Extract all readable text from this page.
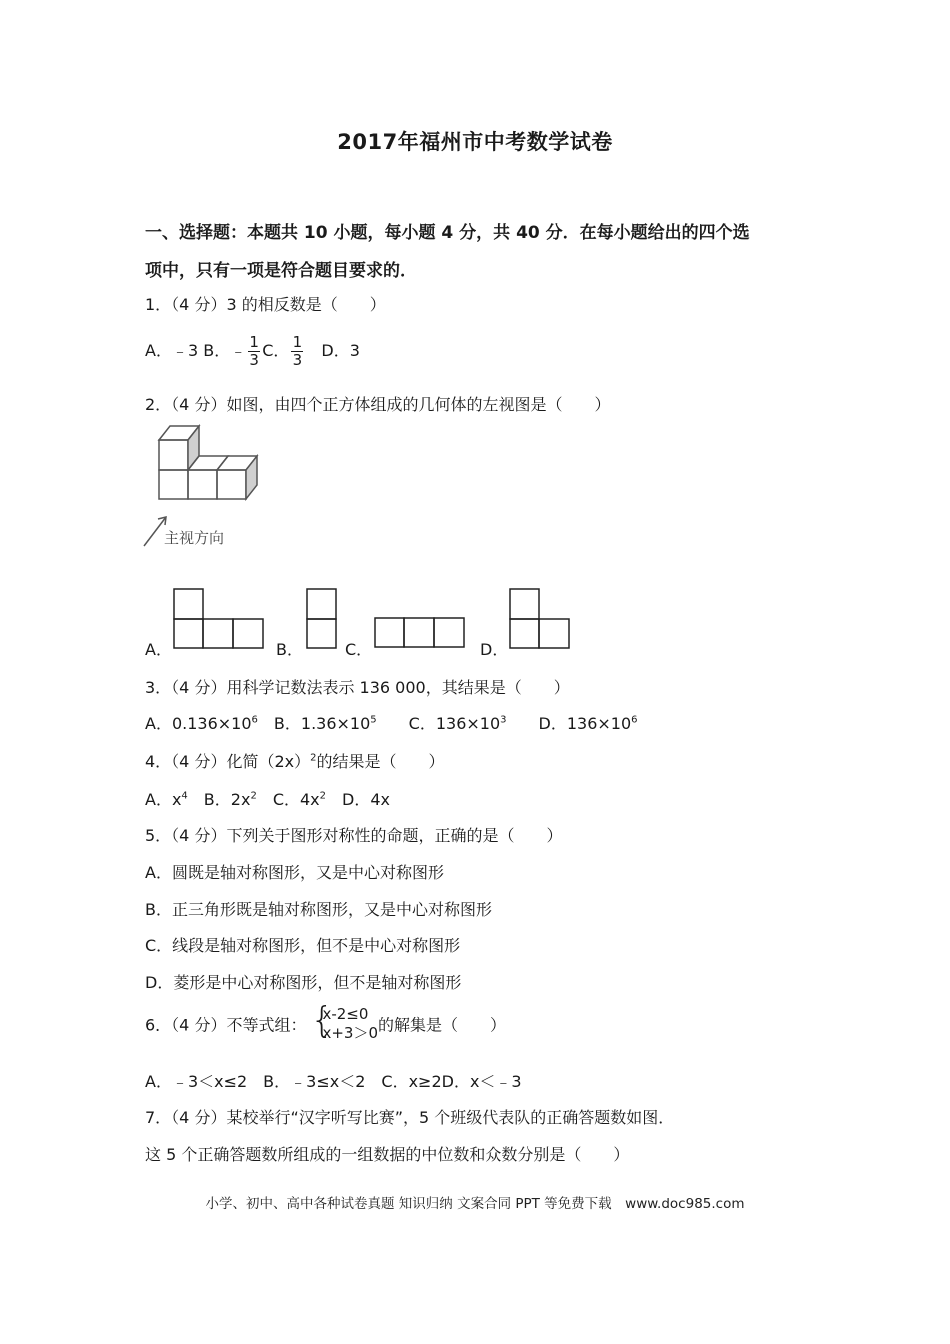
2017年福州市中考数学试卷
一、选择题：本题共 10 小题，每小题 4 分，共 40 分．在每小题给出的四个选
项中，只有一项是符合题目要求的．
1．（4 分）3 的相反数是（　　）
A．﹣3 B．﹣ $\frac{1}{3}$ C． $\frac{1}{3}$ 　D．3
2．（4 分）如图，由四个正方体组成的几何体的左视图是（　　）
主视方向
A．	B．	C．	D．
3．（4 分）用科学记数法表示 136 000，其结果是（　　）
A．$0.136\times 10^6$　B．$1.36\times 10^5$　　C．$136\times 10^3$　　D．$136\times 10^6$
4．（4 分）化简$(2x)^2$的结果是（　　）
A．$x^4$　B．$2x^2$　C．$4x^2$　D．4x
5．（4 分）下列关于图形对称性的命题，正确的是（　　）
A．圆既是轴对称图形，又是中心对称图形
B．正三角形既是轴对称图形，又是中心对称图形
C．线段是轴对称图形，但不是中心对称图形
D．菱形是中心对称图形，但不是轴对称图形
6．（4 分）不等式组：
{ x-2≤0
x+3＞0 的解集是（　　）
A．﹣3＜x≤2　B．﹣3≤x＜2　C．x≥2D．x＜﹣3
7．（4 分）某校举行“汉字听写比赛”，5 个班级代表队的正确答题数如图．
这 5 个正确答题数所组成的一组数据的中位数和众数分别是（　　）
小学、初中、高中各种试卷真题 知识归纳 文案合同 PPT 等免费下载　www.doc985.com
